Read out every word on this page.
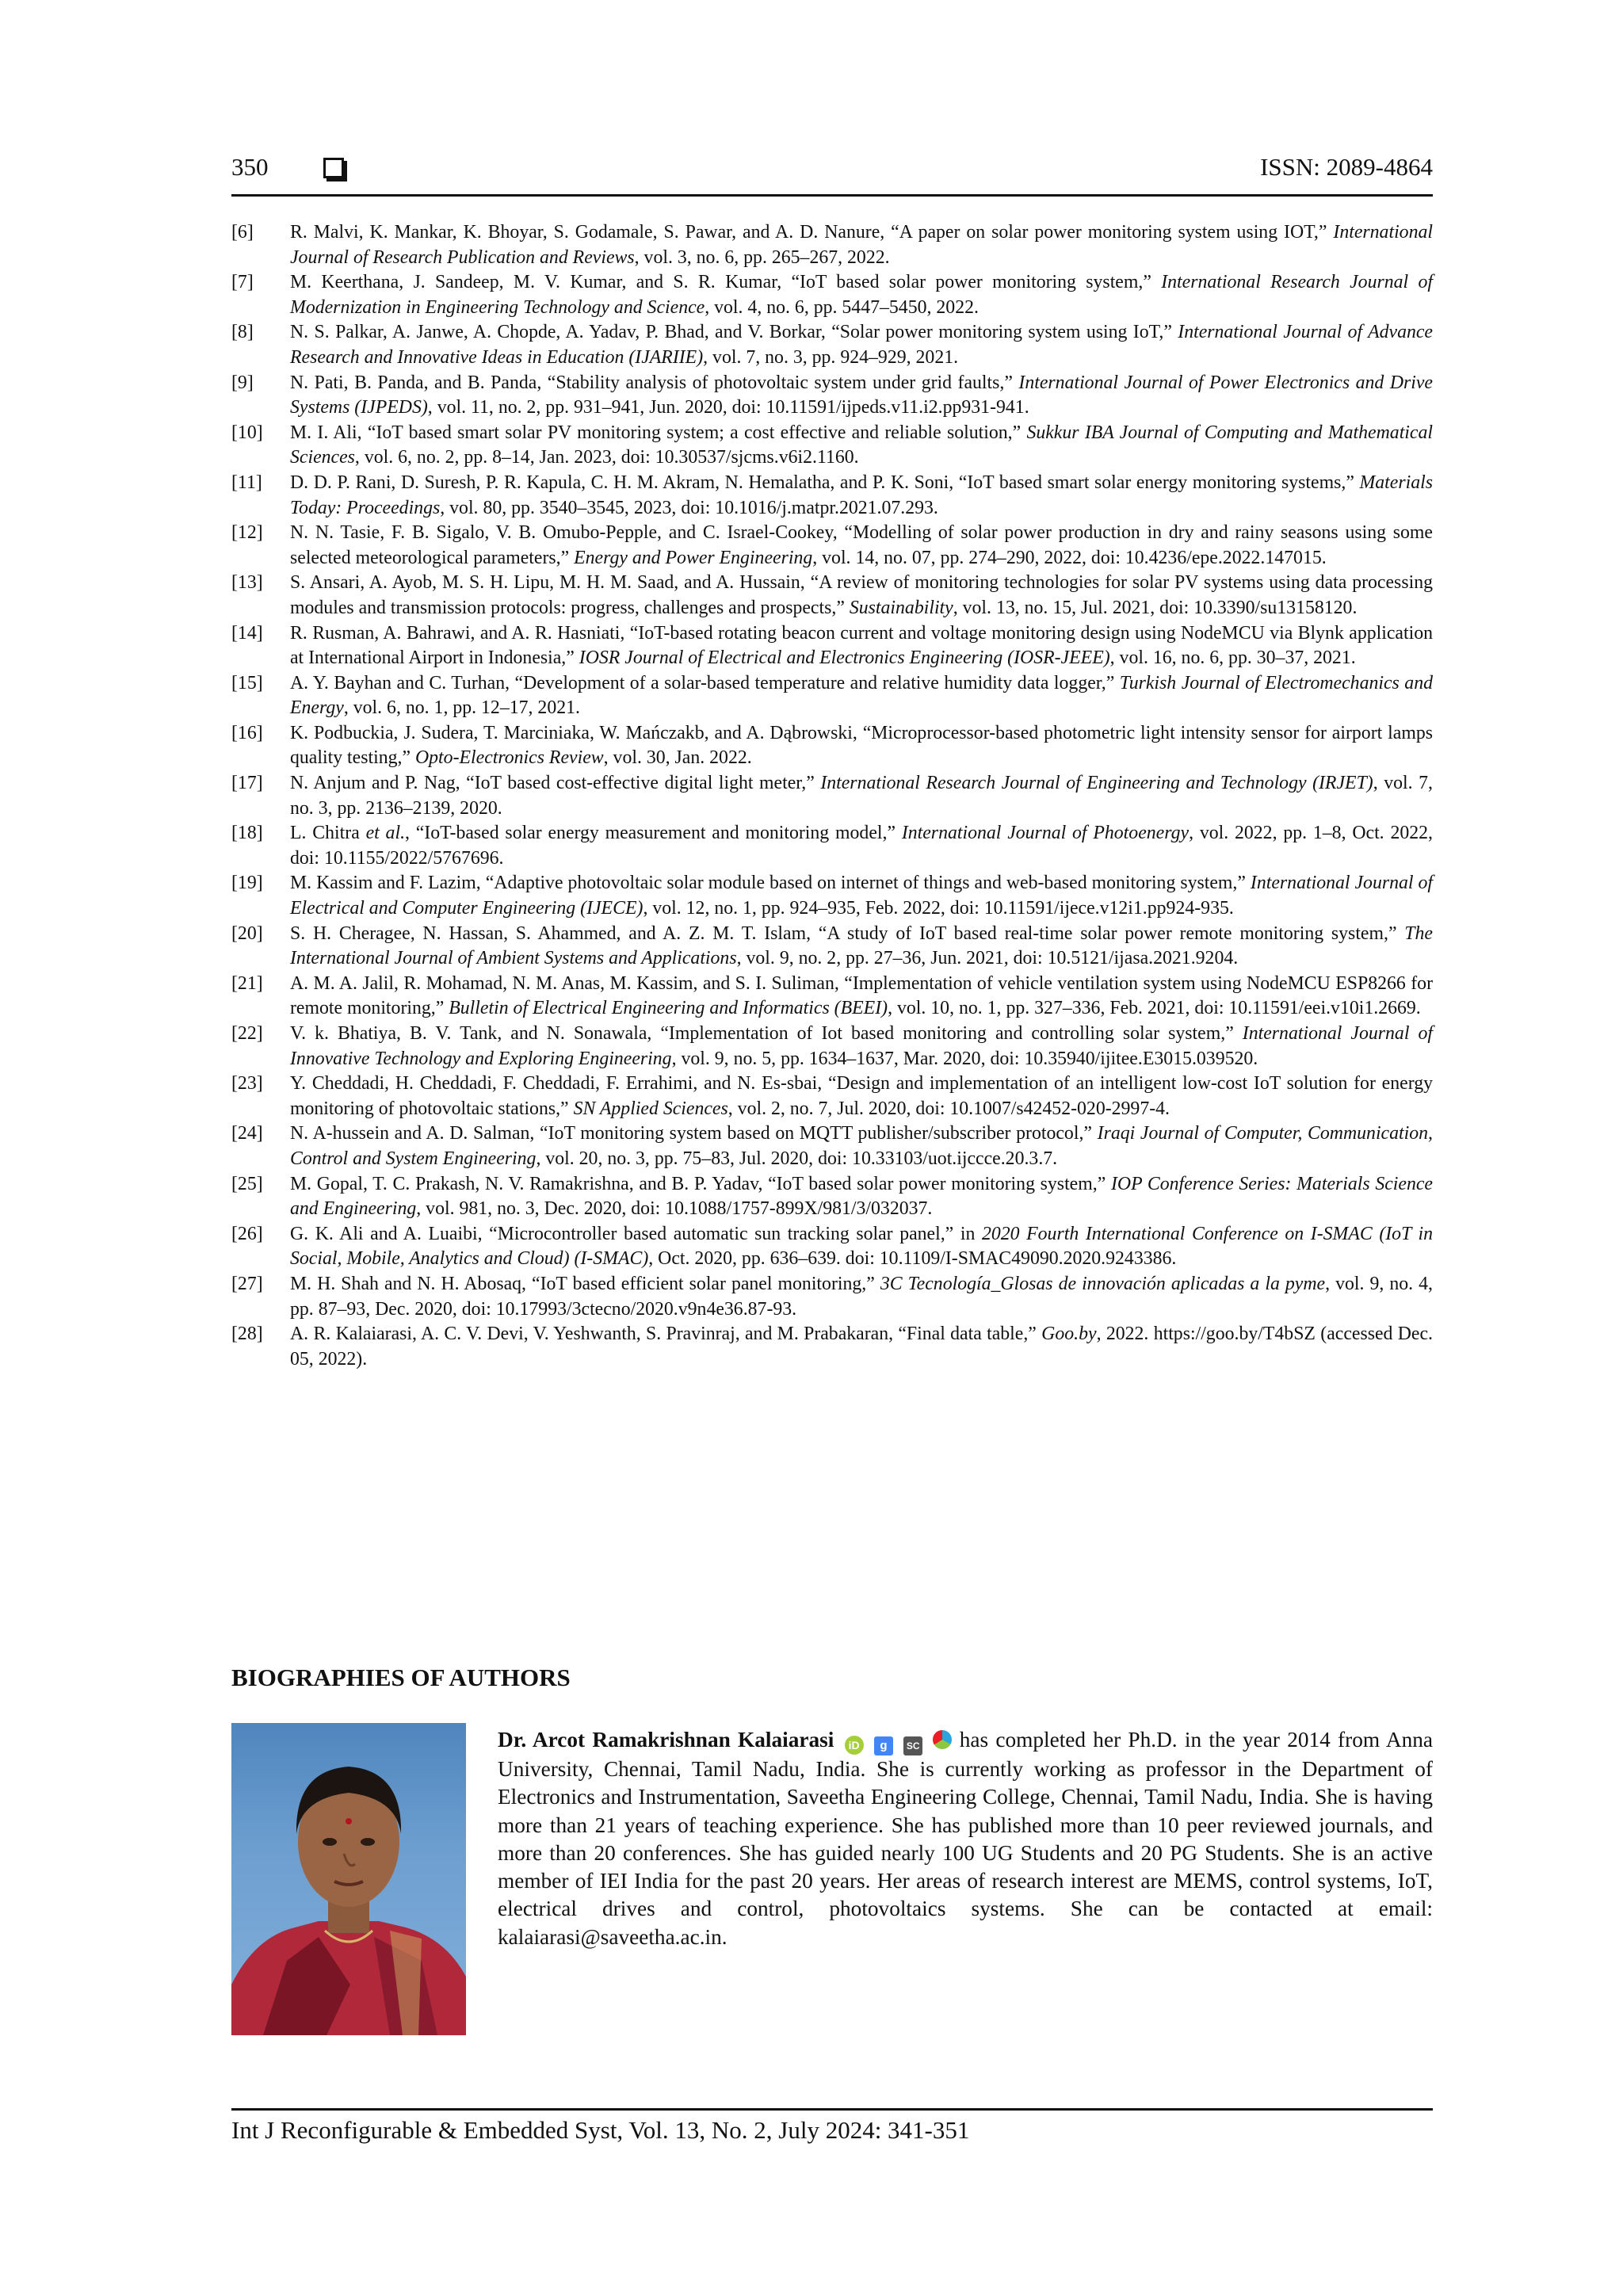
350	ISSN: 2089-4864
[6]	R. Malvi, K. Mankar, K. Bhoyar, S. Godamale, S. Pawar, and A. D. Nanure, “A paper on solar power monitoring system using IOT,” International Journal of Research Publication and Reviews, vol. 3, no. 6, pp. 265–267, 2022.
[7]	M. Keerthana, J. Sandeep, M. V. Kumar, and S. R. Kumar, “IoT based solar power monitoring system,” International Research Journal of Modernization in Engineering Technology and Science, vol. 4, no. 6, pp. 5447–5450, 2022.
[8]	N. S. Palkar, A. Janwe, A. Chopde, A. Yadav, P. Bhad, and V. Borkar, “Solar power monitoring system using IoT,” International Journal of Advance Research and Innovative Ideas in Education (IJARIIE), vol. 7, no. 3, pp. 924–929, 2021.
[9]	N. Pati, B. Panda, and B. Panda, “Stability analysis of photovoltaic system under grid faults,” International Journal of Power Electronics and Drive Systems (IJPEDS), vol. 11, no. 2, pp. 931–941, Jun. 2020, doi: 10.11591/ijpeds.v11.i2.pp931-941.
[10]	M. I. Ali, “IoT based smart solar PV monitoring system; a cost effective and reliable solution,” Sukkur IBA Journal of Computing and Mathematical Sciences, vol. 6, no. 2, pp. 8–14, Jan. 2023, doi: 10.30537/sjcms.v6i2.1160.
[11]	D. D. P. Rani, D. Suresh, P. R. Kapula, C. H. M. Akram, N. Hemalatha, and P. K. Soni, “IoT based smart solar energy monitoring systems,” Materials Today: Proceedings, vol. 80, pp. 3540–3545, 2023, doi: 10.1016/j.matpr.2021.07.293.
[12]	N. N. Tasie, F. B. Sigalo, V. B. Omubo-Pepple, and C. Israel-Cookey, “Modelling of solar power production in dry and rainy seasons using some selected meteorological parameters,” Energy and Power Engineering, vol. 14, no. 07, pp. 274–290, 2022, doi: 10.4236/epe.2022.147015.
[13]	S. Ansari, A. Ayob, M. S. H. Lipu, M. H. M. Saad, and A. Hussain, “A review of monitoring technologies for solar PV systems using data processing modules and transmission protocols: progress, challenges and prospects,” Sustainability, vol. 13, no. 15, Jul. 2021, doi: 10.3390/su13158120.
[14]	R. Rusman, A. Bahrawi, and A. R. Hasniati, “IoT-based rotating beacon current and voltage monitoring design using NodeMCU via Blynk application at International Airport in Indonesia,” IOSR Journal of Electrical and Electronics Engineering (IOSR-JEEE), vol. 16, no. 6, pp. 30–37, 2021.
[15]	A. Y. Bayhan and C. Turhan, “Development of a solar-based temperature and relative humidity data logger,” Turkish Journal of Electromechanics and Energy, vol. 6, no. 1, pp. 12–17, 2021.
[16]	K. Podbuckia, J. Sudera, T. Marciniaka, W. Mańczakb, and A. Dąbrowski, “Microprocessor-based photometric light intensity sensor for airport lamps quality testing,” Opto-Electronics Review, vol. 30, Jan. 2022.
[17]	N. Anjum and P. Nag, “IoT based cost-effective digital light meter,” International Research Journal of Engineering and Technology (IRJET), vol. 7, no. 3, pp. 2136–2139, 2020.
[18]	L. Chitra et al., “IoT-based solar energy measurement and monitoring model,” International Journal of Photoenergy, vol. 2022, pp. 1–8, Oct. 2022, doi: 10.1155/2022/5767696.
[19]	M. Kassim and F. Lazim, “Adaptive photovoltaic solar module based on internet of things and web-based monitoring system,” International Journal of Electrical and Computer Engineering (IJECE), vol. 12, no. 1, pp. 924–935, Feb. 2022, doi: 10.11591/ijece.v12i1.pp924-935.
[20]	S. H. Cheragee, N. Hassan, S. Ahammed, and A. Z. M. T. Islam, “A study of IoT based real-time solar power remote monitoring system,” The International Journal of Ambient Systems and Applications, vol. 9, no. 2, pp. 27–36, Jun. 2021, doi: 10.5121/ijasa.2021.9204.
[21]	A. M. A. Jalil, R. Mohamad, N. M. Anas, M. Kassim, and S. I. Suliman, “Implementation of vehicle ventilation system using NodeMCU ESP8266 for remote monitoring,” Bulletin of Electrical Engineering and Informatics (BEEI), vol. 10, no. 1, pp. 327–336, Feb. 2021, doi: 10.11591/eei.v10i1.2669.
[22]	V. k. Bhatiya, B. V. Tank, and N. Sonawala, “Implementation of Iot based monitoring and controlling solar system,” International Journal of Innovative Technology and Exploring Engineering, vol. 9, no. 5, pp. 1634–1637, Mar. 2020, doi: 10.35940/ijitee.E3015.039520.
[23]	Y. Cheddadi, H. Cheddadi, F. Cheddadi, F. Errahimi, and N. Es-sbai, “Design and implementation of an intelligent low-cost IoT solution for energy monitoring of photovoltaic stations,” SN Applied Sciences, vol. 2, no. 7, Jul. 2020, doi: 10.1007/s42452-020-2997-4.
[24]	N. A-hussein and A. D. Salman, “IoT monitoring system based on MQTT publisher/subscriber protocol,” Iraqi Journal of Computer, Communication, Control and System Engineering, vol. 20, no. 3, pp. 75–83, Jul. 2020, doi: 10.33103/uot.ijccce.20.3.7.
[25]	M. Gopal, T. C. Prakash, N. V. Ramakrishna, and B. P. Yadav, “IoT based solar power monitoring system,” IOP Conference Series: Materials Science and Engineering, vol. 981, no. 3, Dec. 2020, doi: 10.1088/1757-899X/981/3/032037.
[26]	G. K. Ali and A. Luaibi, “Microcontroller based automatic sun tracking solar panel,” in 2020 Fourth International Conference on I-SMAC (IoT in Social, Mobile, Analytics and Cloud) (I-SMAC), Oct. 2020, pp. 636–639. doi: 10.1109/I-SMAC49090.2020.9243386.
[27]	M. H. Shah and N. H. Abosaq, “IoT based efficient solar panel monitoring,” 3C Tecnología_Glosas de innovación aplicadas a la pyme, vol. 9, no. 4, pp. 87–93, Dec. 2020, doi: 10.17993/3ctecno/2020.v9n4e36.87-93.
[28]	A. R. Kalaiarasi, A. C. V. Devi, V. Yeshwanth, S. Pravinraj, and M. Prabakaran, “Final data table,” Goo.by, 2022. https://goo.by/T4bSZ (accessed Dec. 05, 2022).
BIOGRAPHIES OF AUTHORS
Dr. Arcot Ramakrishnan Kalaiarasi iD g SC has completed her Ph.D. in the year 2014 from Anna University, Chennai, Tamil Nadu, India. She is currently working as professor in the Department of Electronics and Instrumentation, Saveetha Engineering College, Chennai, Tamil Nadu, India. She is having more than 21 years of teaching experience. She has published more than 10 peer reviewed journals, and more than 20 conferences. She has guided nearly 100 UG Students and 20 PG Students. She is an active member of IEI India for the past 20 years. Her areas of research interest are MEMS, control systems, IoT, electrical drives and control, photovoltaics systems. She can be contacted at email: kalaiarasi@saveetha.ac.in.
Int J Reconfigurable & Embedded Syst, Vol. 13, No. 2, July 2024: 341-351
